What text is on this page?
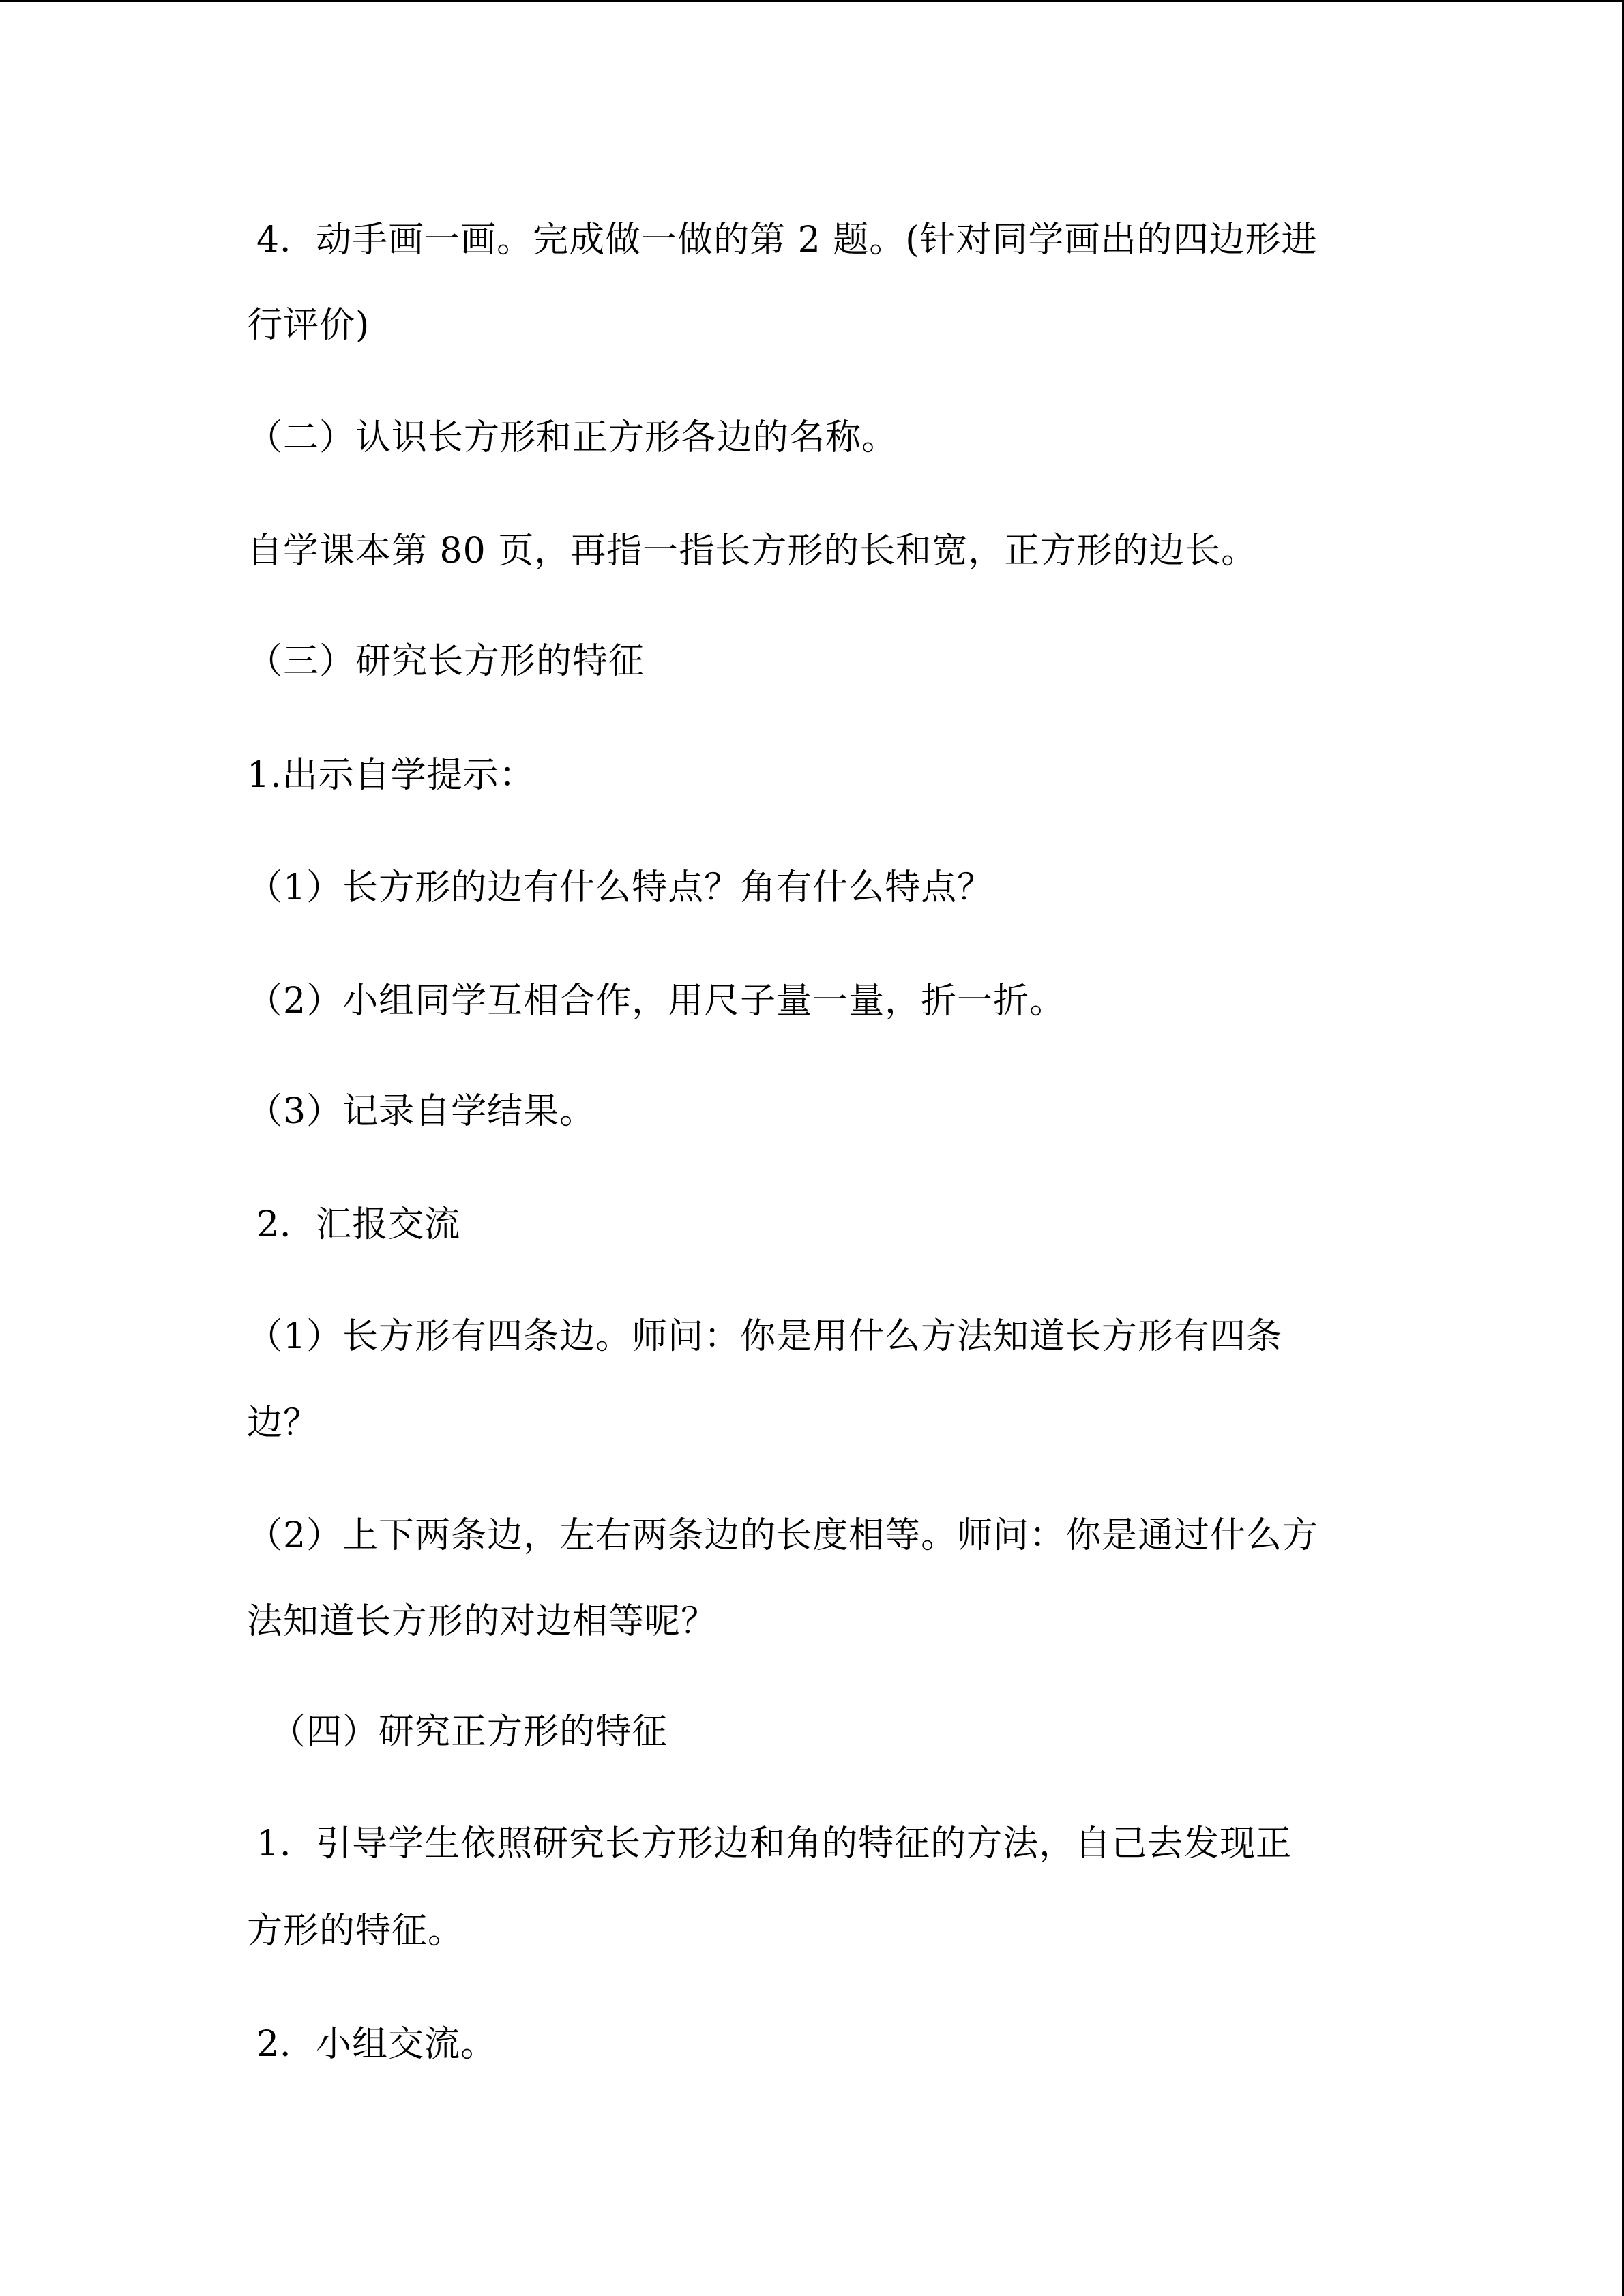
4．动手画一画。完成做一做的第 2 题。(针对同学画出的四边形进
行评价)
（二）认识长方形和正方形各边的名称。
自学课本第 80 页，再指一指长方形的长和宽，正方形的边长。
（三）研究长方形的特征
1.出示自学提示：
（1）长方形的边有什么特点？角有什么特点？
（2）小组同学互相合作，用尺子量一量，折一折。
（3）记录自学结果。
2．汇报交流
（1）长方形有四条边。师问：你是用什么方法知道长方形有四条
边？
（2）上下两条边，左右两条边的长度相等。师问：你是通过什么方
法知道长方形的对边相等呢？
（四）研究正方形的特征
1．引导学生依照研究长方形边和角的特征的方法，自己去发现正
方形的特征。
2．小组交流。
